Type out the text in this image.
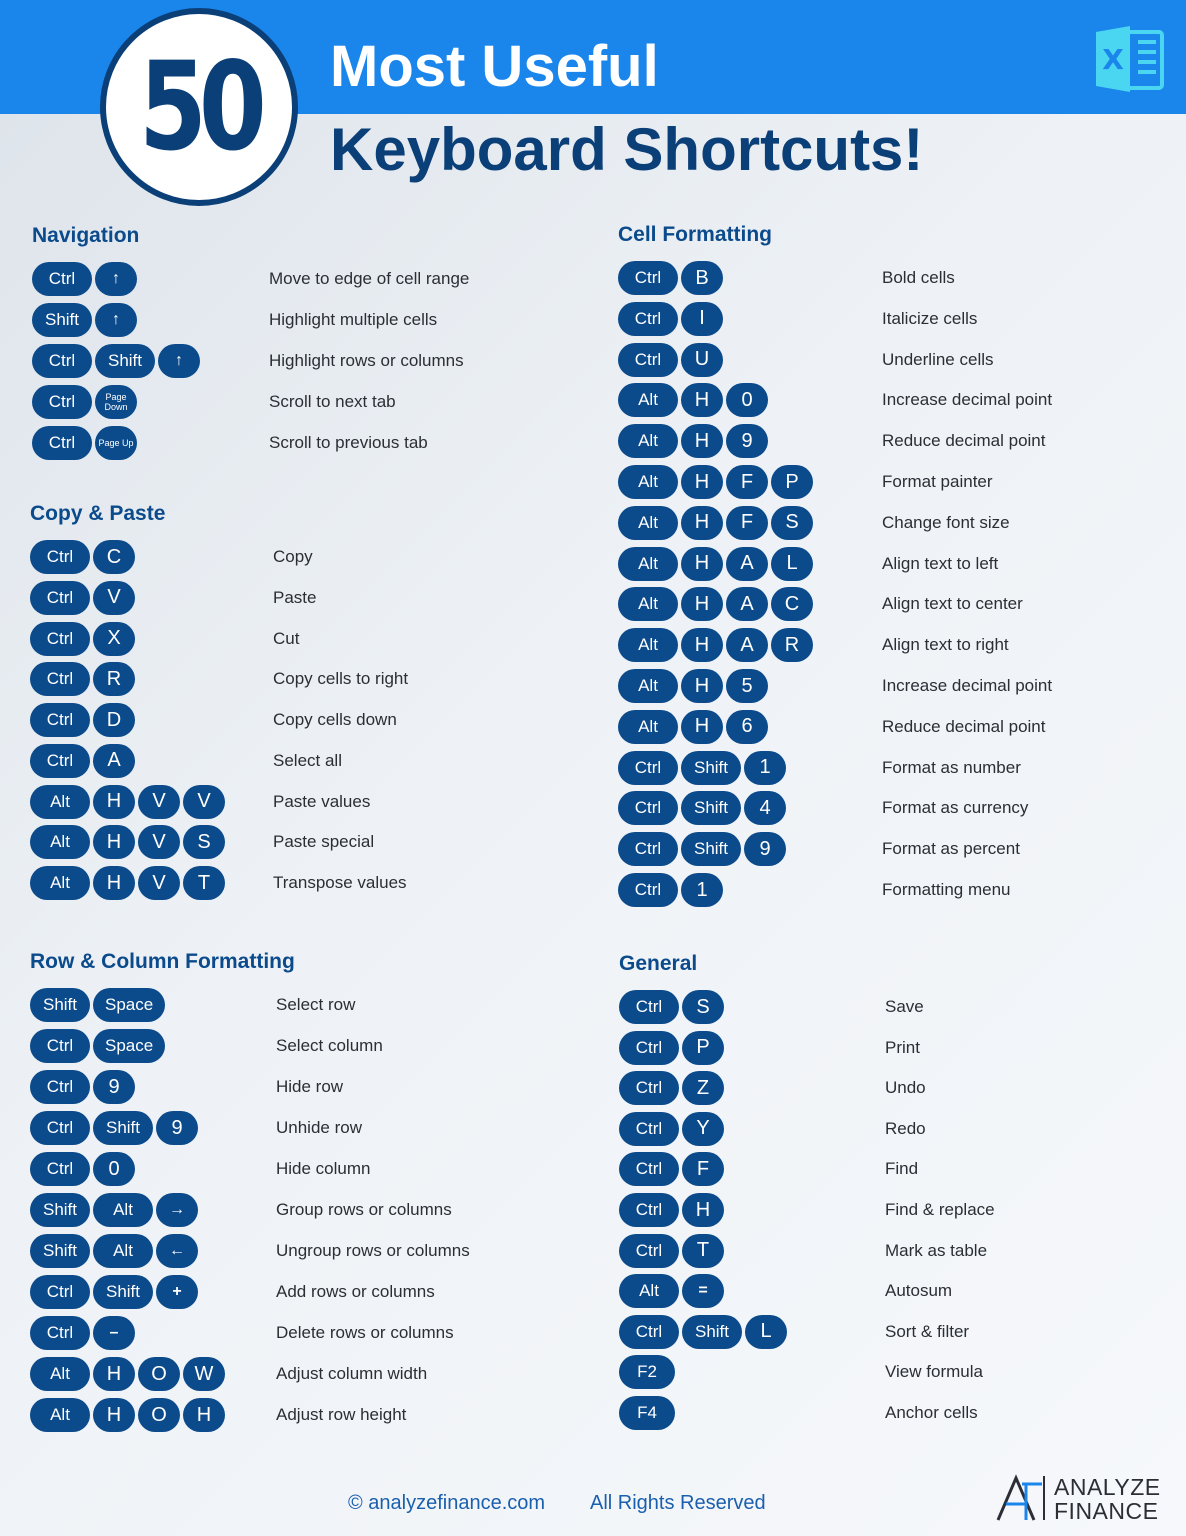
50 Most Useful
Keyboard Shortcuts!
X
Navigation
Ctrl	↑	Move to edge of cell range
Shift	↑	Highlight multiple cells
Ctrl	Shift	↑	Highlight rows or columns
Ctrl	Page Down	Scroll to next tab
Ctrl	Page Up	Scroll to previous tab
Copy & Paste
Ctrl	C	Copy
Ctrl	V	Paste
Ctrl	X	Cut
Ctrl	R	Copy cells to right
Ctrl	D	Copy cells down
Ctrl	A	Select all
Alt	H	V	V	Paste values
Alt	H	V	S	Paste special
Alt	H	V	T	Transpose values
Row & Column Formatting
Shift	Space	Select row
Ctrl	Space	Select column
Ctrl	9	Hide row
Ctrl	Shift	9	Unhide row
Ctrl	0	Hide column
Shift	Alt	→	Group rows or columns
Shift	Alt	←	Ungroup rows or columns
Ctrl	Shift	+	Add rows or columns
Ctrl	–	Delete rows or columns
Alt	H	O	W	Adjust column width
Alt	H	O	H	Adjust row height
Cell Formatting
Ctrl	B	Bold cells
Ctrl	I	Italicize cells
Ctrl	U	Underline cells
Alt	H	0	Increase decimal point
Alt	H	9	Reduce decimal point
Alt	H	F	P	Format painter
Alt	H	F	S	Change font size
Alt	H	A	L	Align text to left
Alt	H	A	C	Align text to center
Alt	H	A	R	Align text to right
Alt	H	5	Increase decimal point
Alt	H	6	Reduce decimal point
Ctrl	Shift	1	Format as number
Ctrl	Shift	4	Format as currency
Ctrl	Shift	9	Format as percent
Ctrl	1	Formatting menu
General
Ctrl	S	Save
Ctrl	P	Print
Ctrl	Z	Undo
Ctrl	Y	Redo
Ctrl	F	Find
Ctrl	H	Find & replace
Ctrl	T	Mark as table
Alt	=	Autosum
Ctrl	Shift	L	Sort & filter
F2	View formula
F4	Anchor cells
© analyzefinance.com All Rights Reserved
ANALYZE
FINANCE
